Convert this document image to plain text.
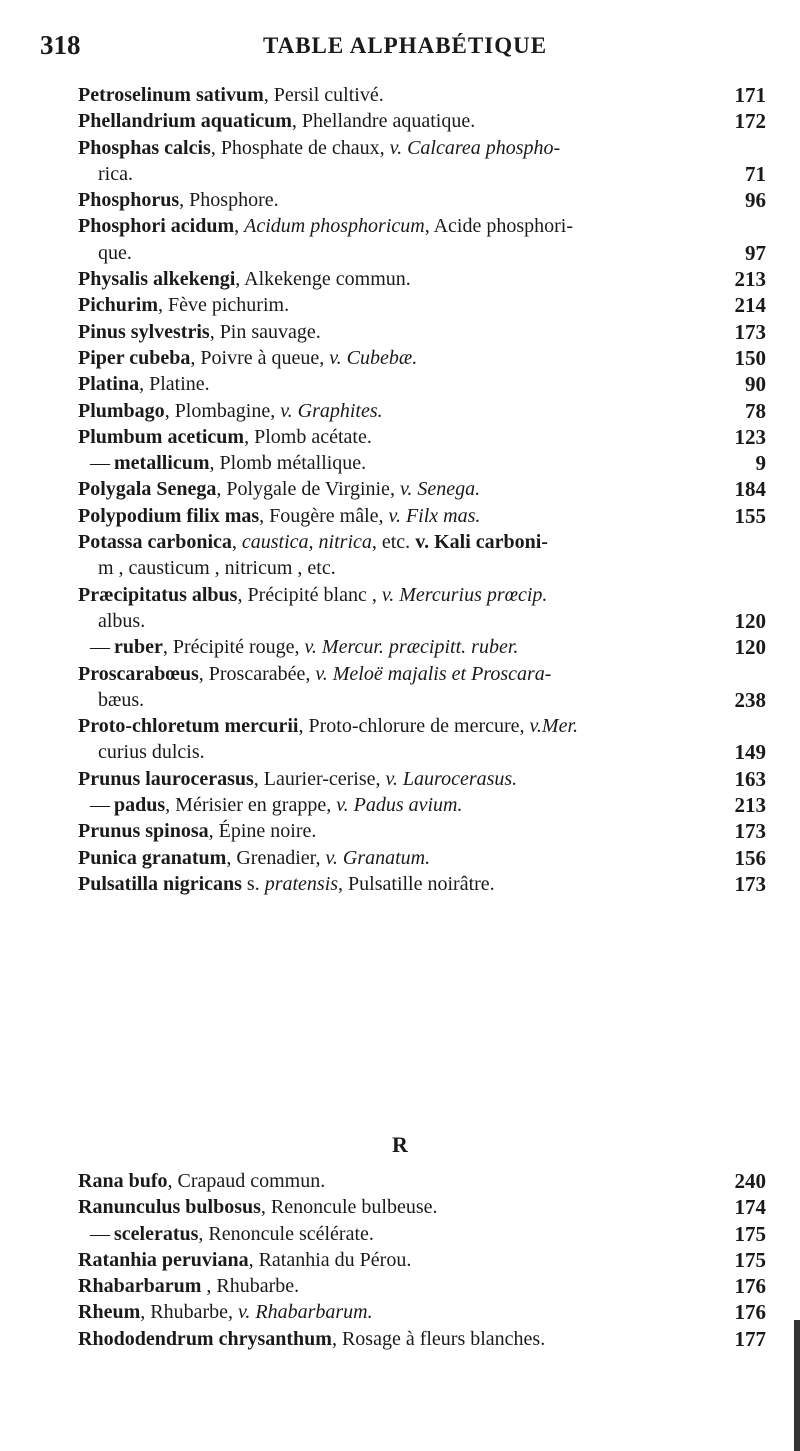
318	TABLE ALPHABÉTIQUE
Petroselinum sativum, Persil cultivé.	171
Phellandrium aquaticum, Phellandre aquatique.	172
Phosphas calcis, Phosphate de chaux, v. Calcarea phospho-
rica.	71
Phosphorus, Phosphore.	96
Phosphori acidum, Acidum phosphoricum, Acide phosphori-
que.	97
Physalis alkekengi, Alkekenge commun.	213
Pichurim, Fève pichurim.	214
Pinus sylvestris, Pin sauvage.	173
Piper cubeba, Poivre à queue, v. Cubebæ.	150
Platina, Platine.	90
Plumbago, Plombagine, v. Graphites.	78
Plumbum aceticum, Plomb acétate.	123
— metallicum, Plomb métallique.	9
Polygala Senega, Polygale de Virginie, v. Senega.	184
Polypodium filix mas, Fougère mâle, v. Filx mas.	155
Potassa carbonica, caustica, nitrica, etc. v. Kali carboni-
m , causticum , nitricum , etc.
Præcipitatus albus, Précipité blanc , v. Mercurius prœcip.
albus.	120
— ruber, Précipité rouge, v. Mercur. præcipitt. ruber.	120
Proscarabœus, Proscarabée, v. Meloë majalis et Proscara-
bæus.	238
Proto-chloretum mercurii, Proto-chlorure de mercure, v.Mer.
curius dulcis.	149
Prunus laurocerasus, Laurier-cerise, v. Laurocerasus.	163
— padus, Mérisier en grappe, v. Padus avium.	213
Prunus spinosa, Épine noire.	173
Punica granatum, Grenadier, v. Granatum.	156
Pulsatilla nigricans s. pratensis, Pulsatille noirâtre.	173
R
Rana bufo, Crapaud commun.	240
Ranunculus bulbosus, Renoncule bulbeuse.	174
— sceleratus, Renoncule scélérate.	175
Ratanhia peruviana, Ratanhia du Pérou.	175
Rhabarbarum , Rhubarbe.	176
Rheum, Rhubarbe, v. Rhabarbarum.	176
Rhododendrum chrysanthum, Rosage à fleurs blanches.	177
